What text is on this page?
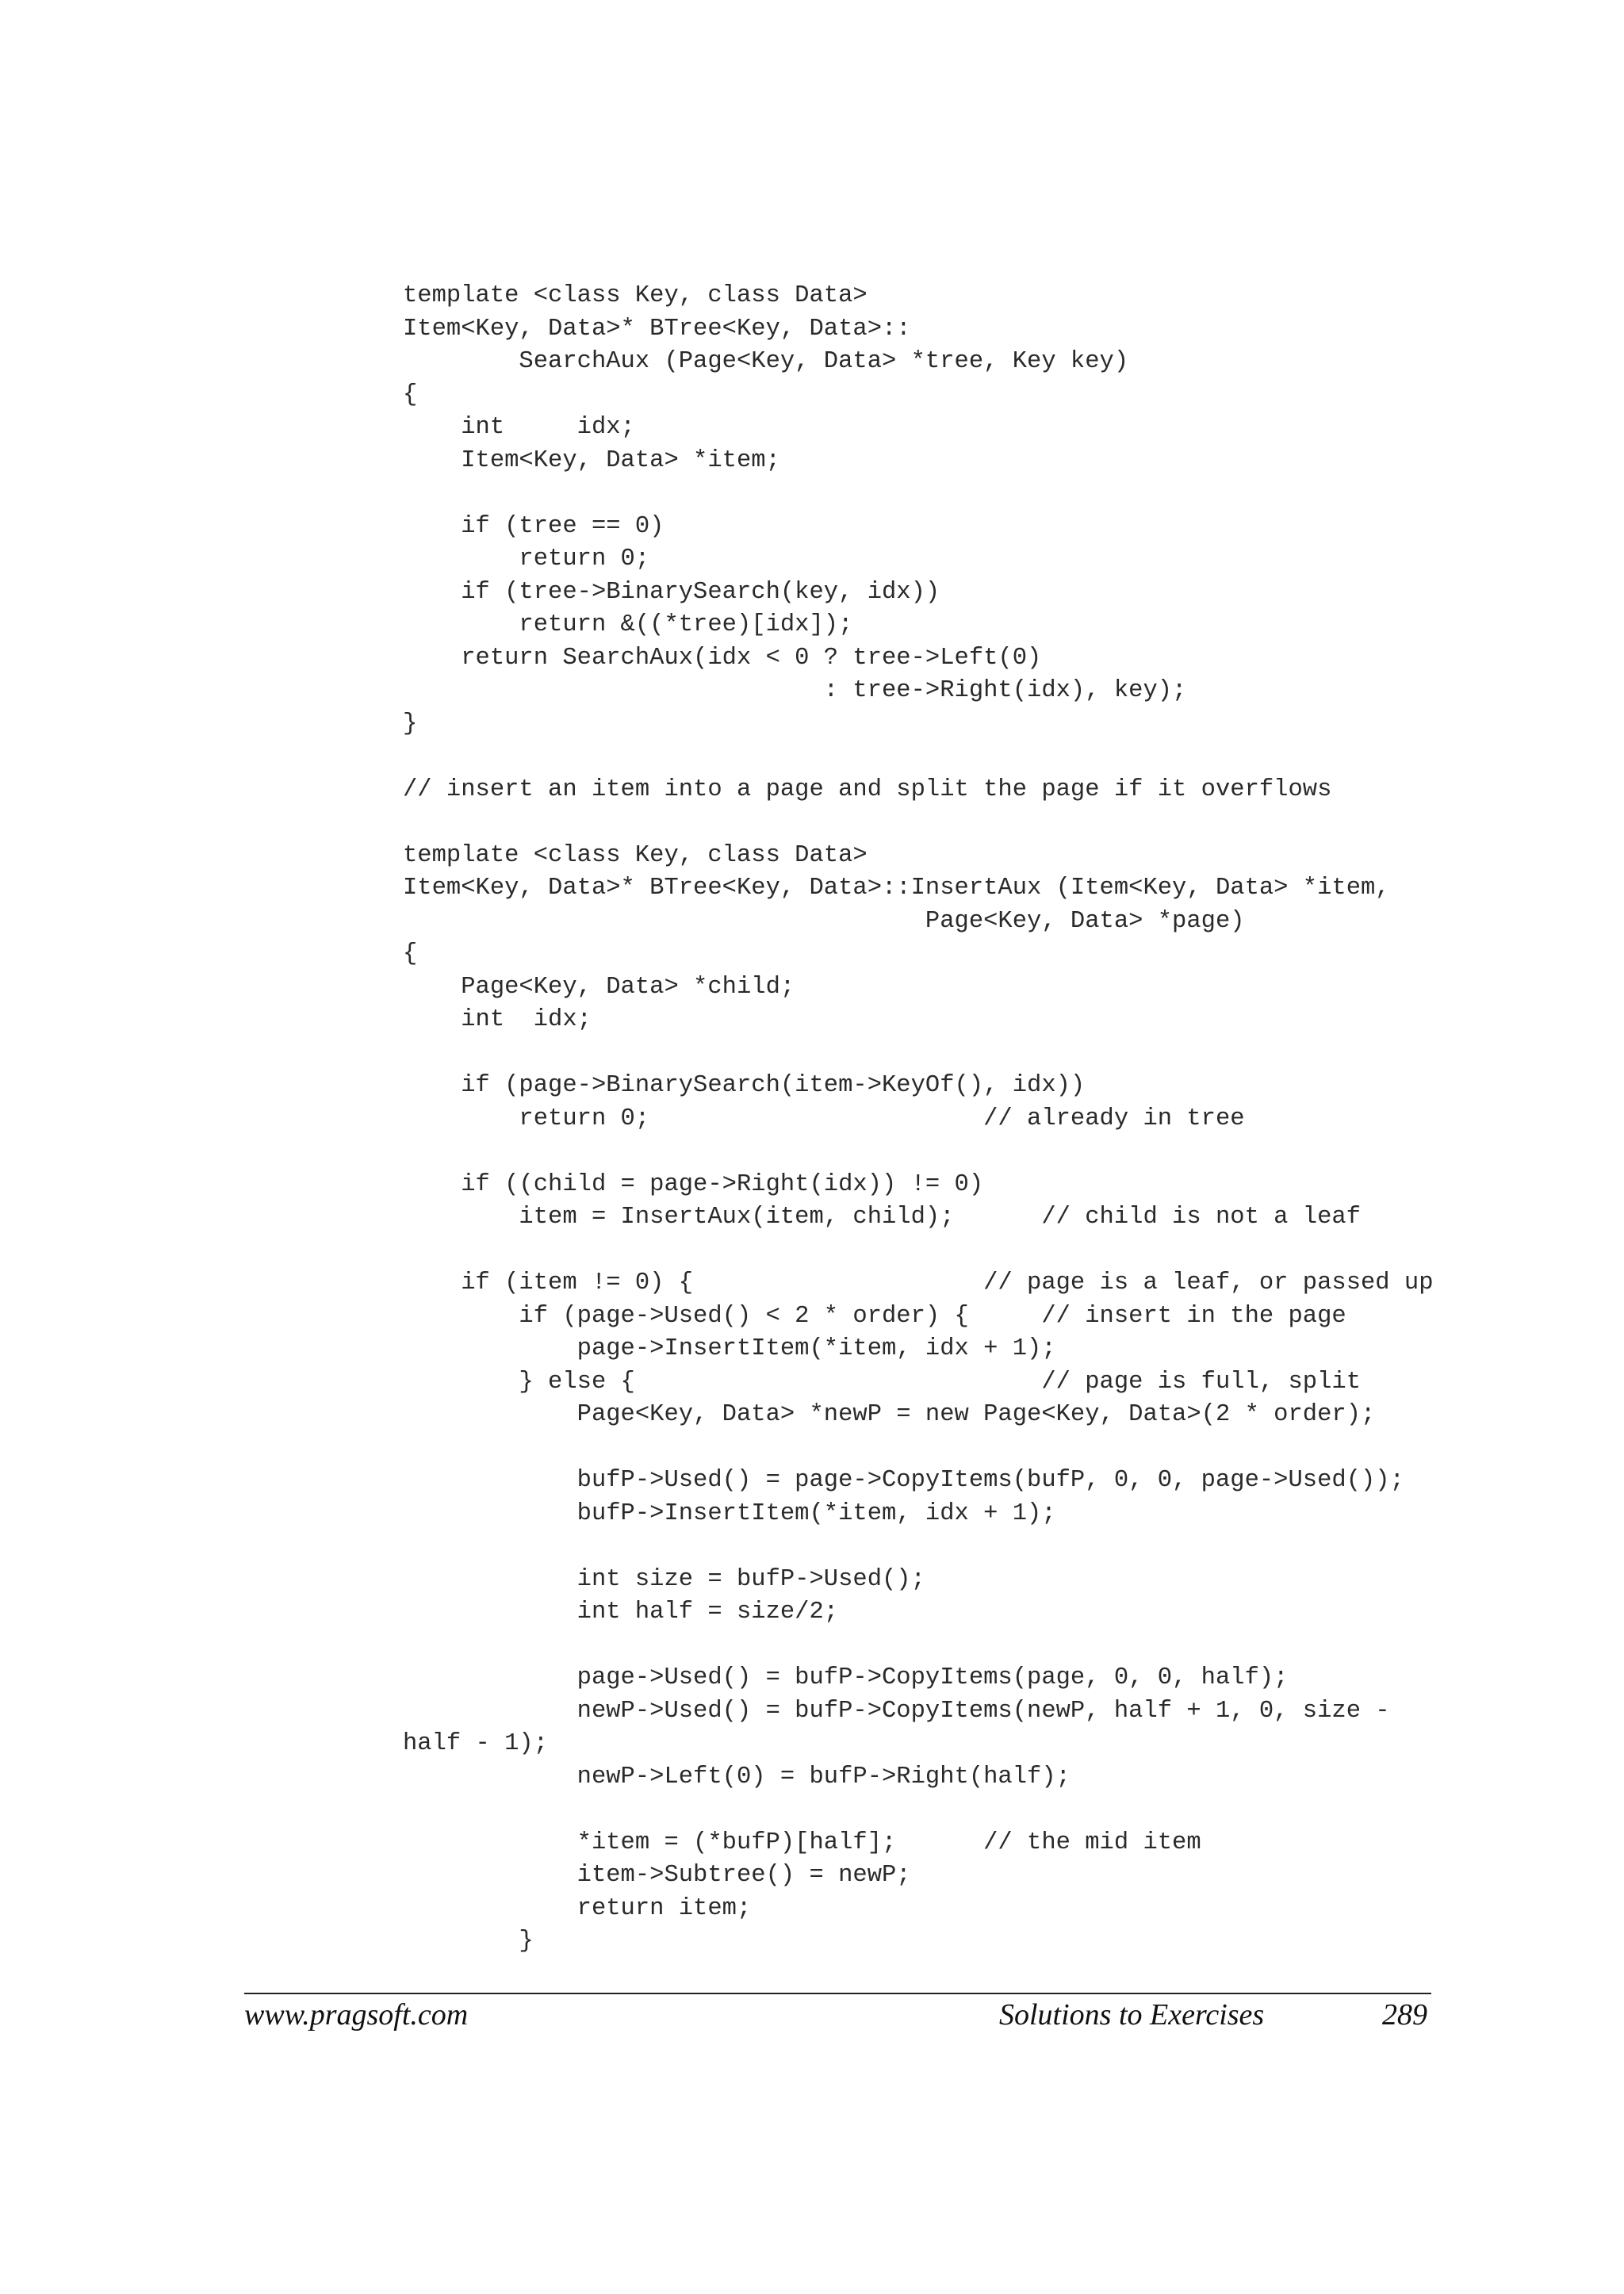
template <class Key, class Data>
Item<Key, Data>* BTree<Key, Data>::
SearchAux (Page<Key, Data> *tree, Key key)
{
int     idx;
Item<Key, Data> *item;
if (tree == 0)
return 0;
if (tree->BinarySearch(key, idx))
return &((*tree)[idx]);
return SearchAux(idx < 0 ? tree->Left(0)
: tree->Right(idx), key);
}
// insert an item into a page and split the page if it overflows
template <class Key, class Data>
Item<Key, Data>* BTree<Key, Data>::InsertAux (Item<Key, Data> *item,
Page<Key, Data> *page)
{
Page<Key, Data> *child;
int  idx;
if (page->BinarySearch(item->KeyOf(), idx))
return 0;                       // already in tree
if ((child = page->Right(idx)) != 0)
item = InsertAux(item, child);      // child is not a leaf
if (item != 0) {                    // page is a leaf, or passed up
if (page->Used() < 2 * order) {     // insert in the page
page->InsertItem(*item, idx + 1);
} else {                            // page is full, split
Page<Key, Data> *newP = new Page<Key, Data>(2 * order);
bufP->Used() = page->CopyItems(bufP, 0, 0, page->Used());
bufP->InsertItem(*item, idx + 1);
int size = bufP->Used();
int half = size/2;
page->Used() = bufP->CopyItems(page, 0, 0, half);
newP->Used() = bufP->CopyItems(newP, half + 1, 0, size -
half - 1);
newP->Left(0) = bufP->Right(half);
*item = (*bufP)[half];      // the mid item
item->Subtree() = newP;
return item;
}
www.pragsoft.com	Solutions to Exercises	289
